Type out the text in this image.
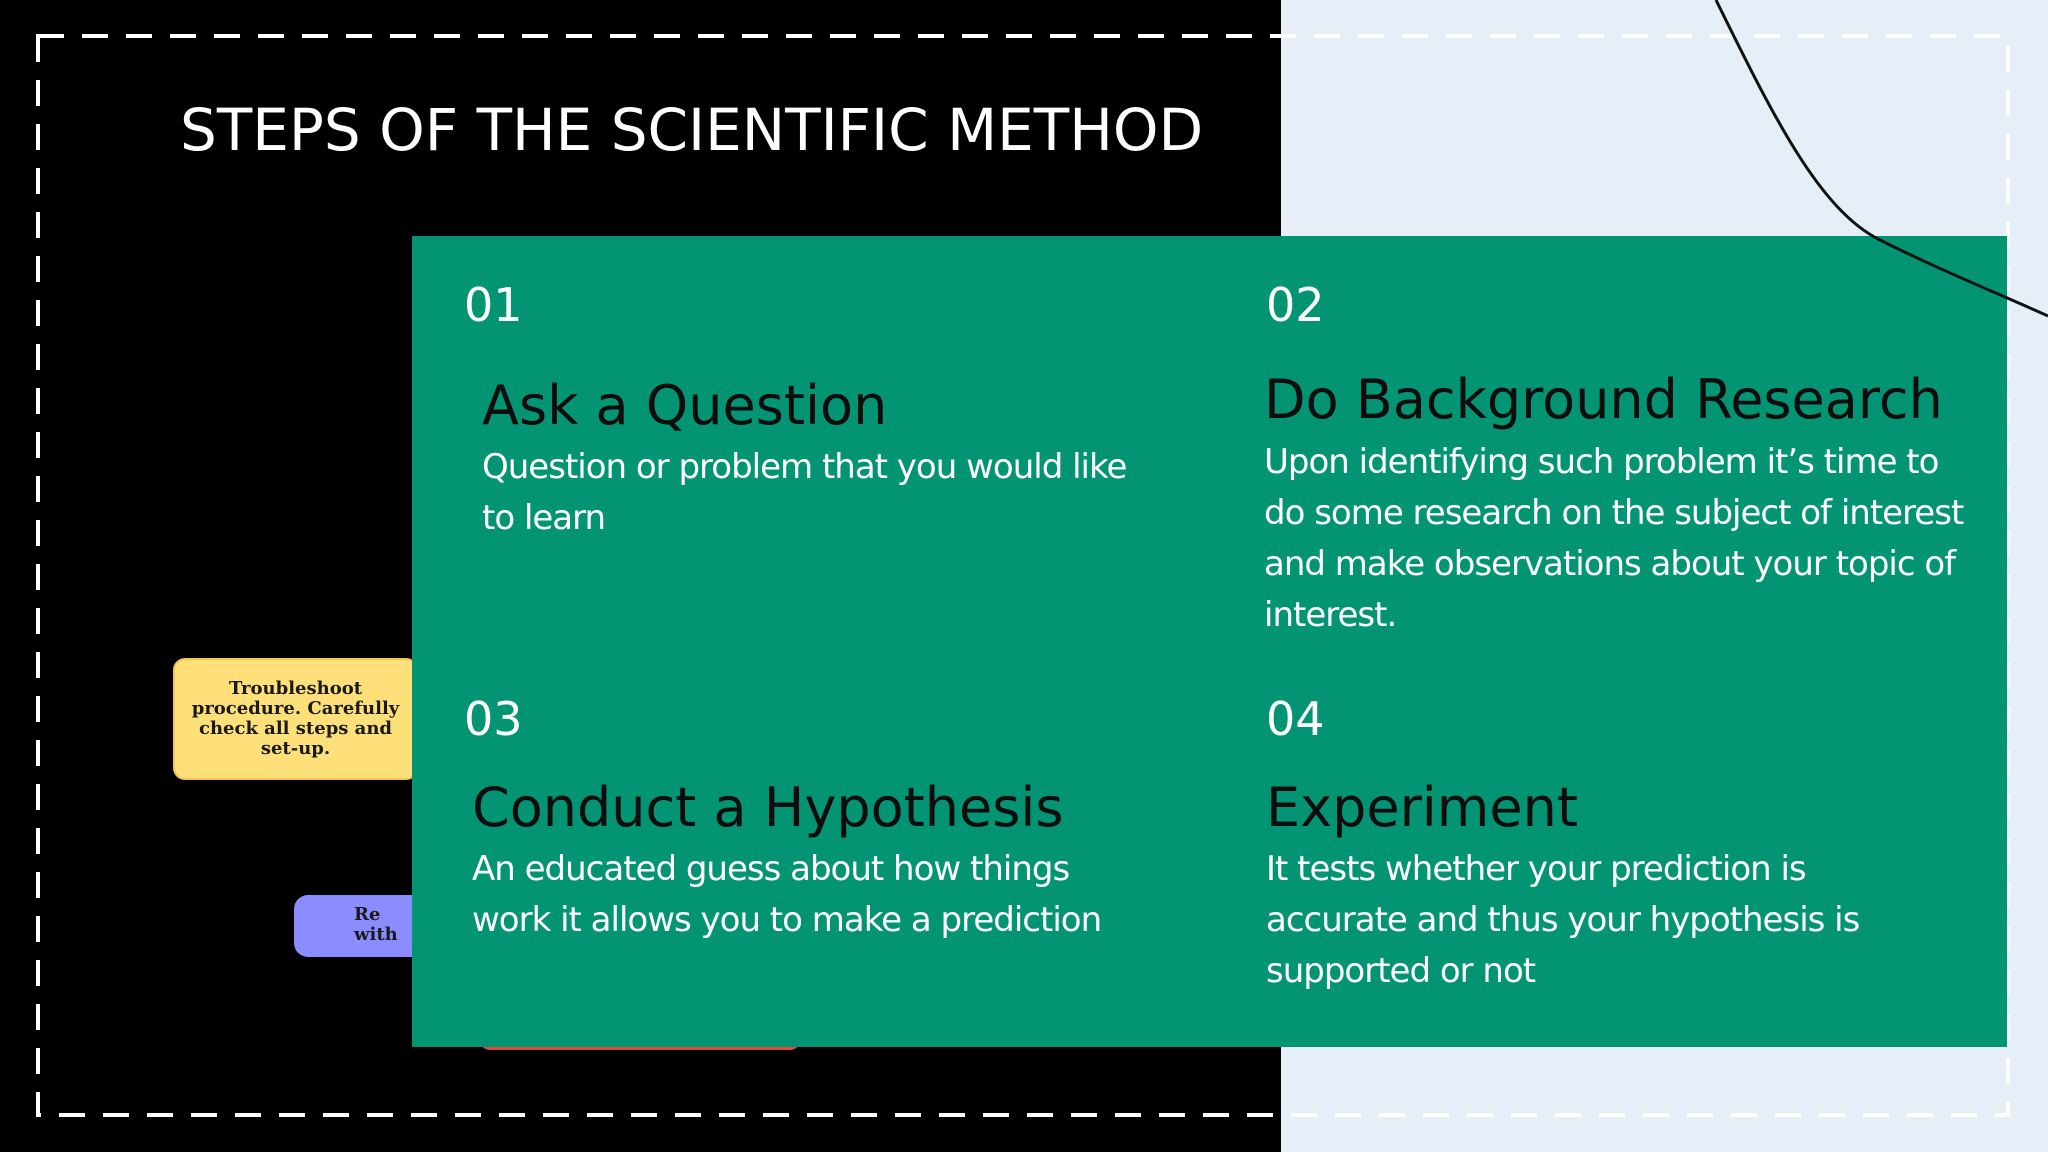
Troubleshoot procedure. Carefully check all steps and set-up.
Re
with
STEPS OF THE SCIENTIFIC METHOD
01
Ask a Question
Question or problem that you would like to learn
02
Do Background Research
Upon identifying such problem it’s time to do some research on the subject of interest and make observations about your topic of interest.
03
Conduct a Hypothesis
An educated guess about how things work it allows you to make a prediction
04
Experiment
It tests whether your prediction is accurate and thus your hypothesis is supported or not
